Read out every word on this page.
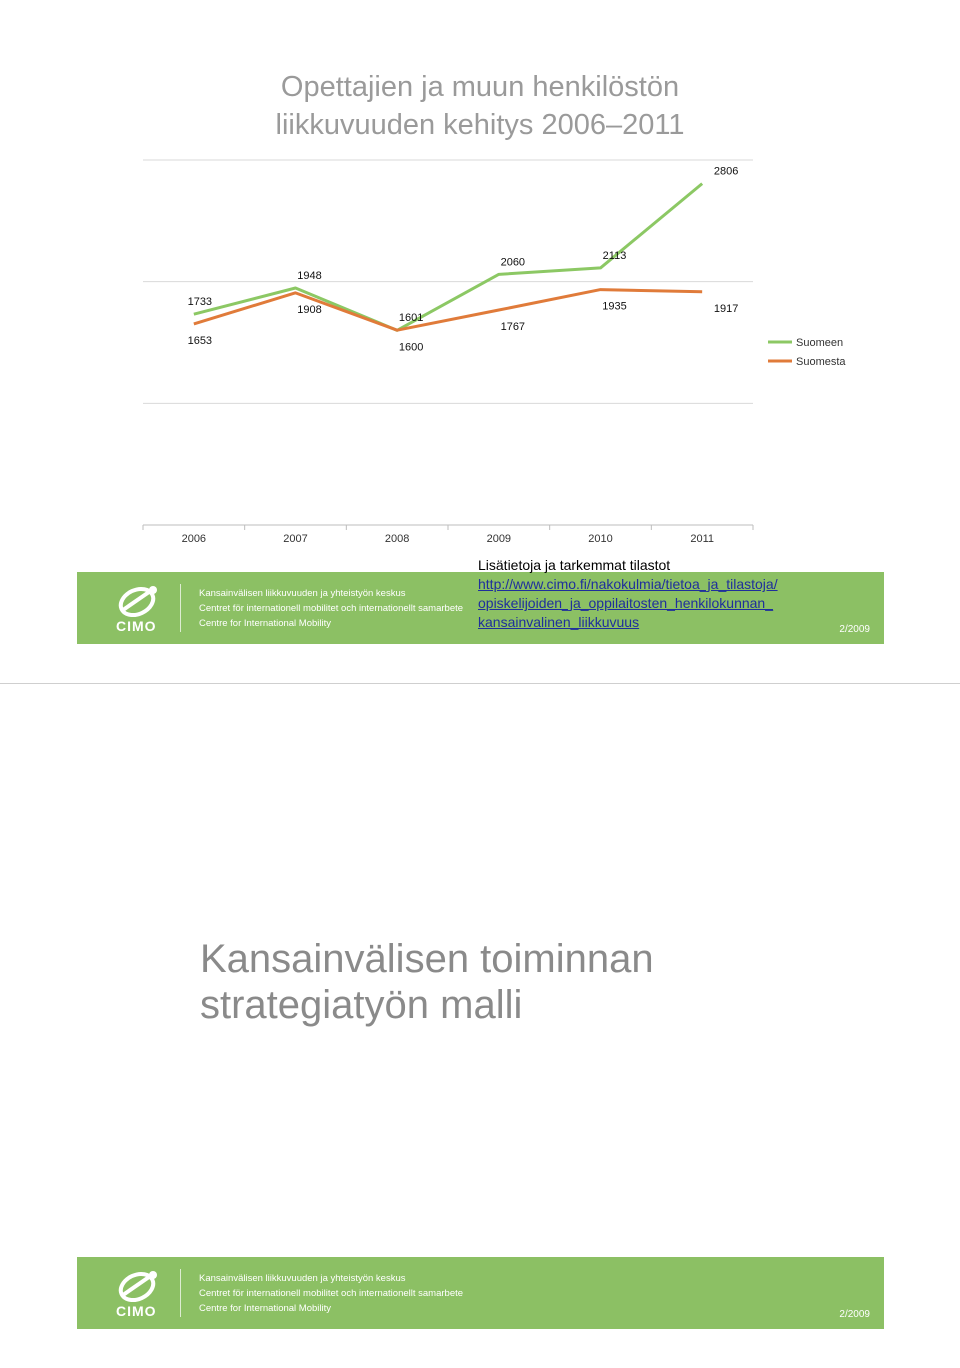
Opettajien ja muun henkilöstön
liikkuvuuden kehitys 2006–2011
2006	2007	2008	2009	2010	2011
1733
1948
1600
2060
2113
2806
1653
1908
1601
1767
1935	1917
Suomeen
Suomesta
Lisätietoja ja tarkemmat tilastot
http://www.cimo.fi/nakokulmia/tietoa_ja_tilastoja/
opiskelijoiden_ja_oppilaitosten_henkilokunnan_
kansainvalinen_liikkuvuus
CIMO
Kansainvälisen liikkuvuuden ja yhteistyön keskus
Centret för internationell mobilitet och internationellt samarbete
Centre for International Mobility
2/2009
Kansainvälisen toiminnan
strategiatyön malli
CIMO
Kansainvälisen liikkuvuuden ja yhteistyön keskus
Centret för internationell mobilitet och internationellt samarbete
Centre for International Mobility
2/2009
